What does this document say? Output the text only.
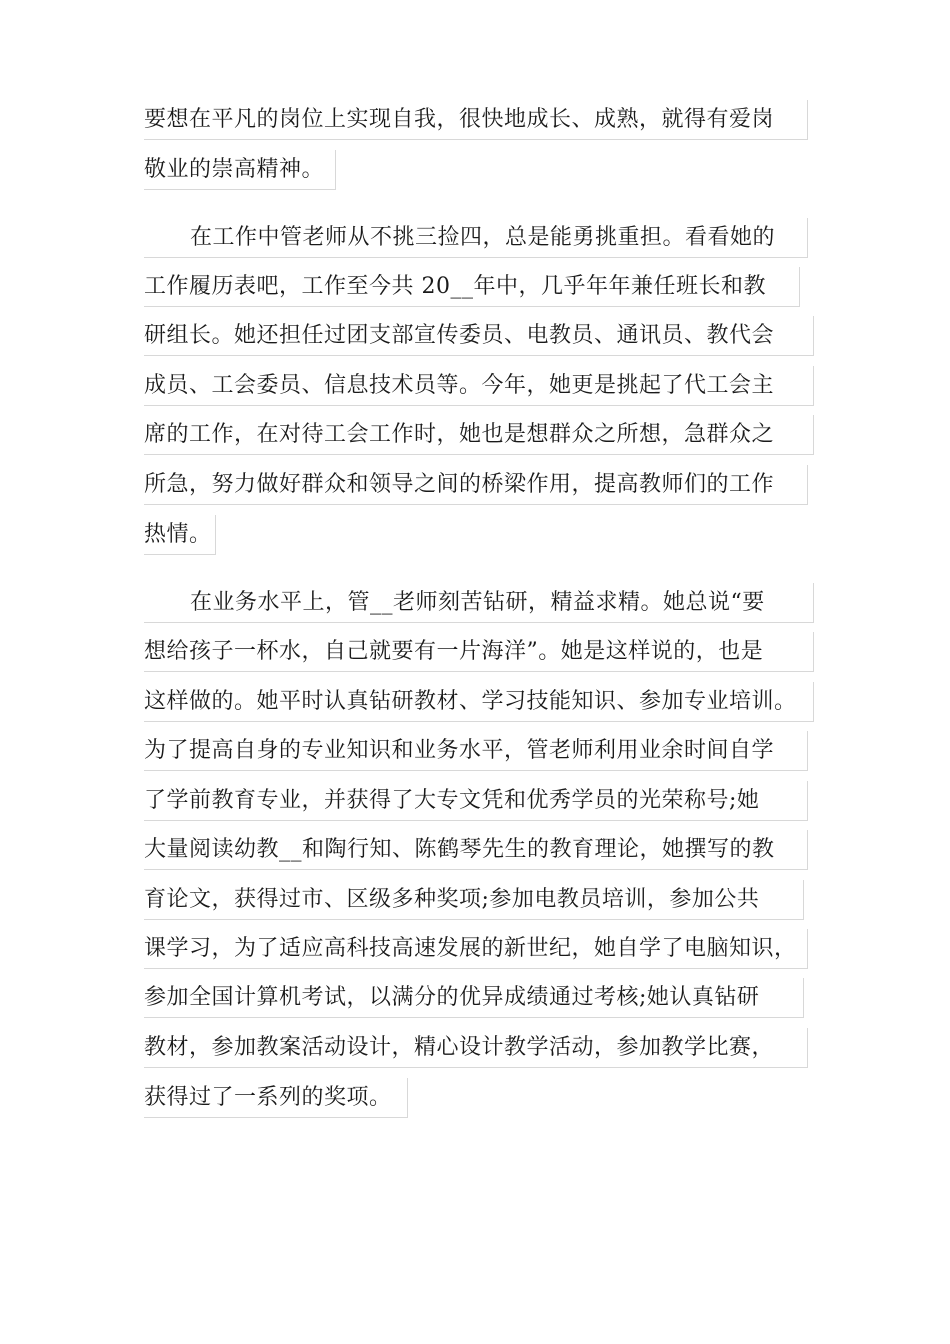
要想在平凡的岗位上实现自我，很快地成长、成熟，就得有爱岗
敬业的崇高精神。
在工作中管老师从不挑三捡四，总是能勇挑重担。看看她的
工作履历表吧，工作至今共 20__年中，几乎年年兼任班长和教
研组长。她还担任过团支部宣传委员、电教员、通讯员、教代会
成员、工会委员、信息技术员等。今年，她更是挑起了代工会主
席的工作，在对待工会工作时，她也是想群众之所想，急群众之
所急，努力做好群众和领导之间的桥梁作用，提高教师们的工作
热情。
在业务水平上，管__老师刻苦钻研，精益求精。她总说“要
想给孩子一杯水，自己就要有一片海洋”。她是这样说的，也是
这样做的。她平时认真钻研教材、学习技能知识、参加专业培训。
为了提高自身的专业知识和业务水平，管老师利用业余时间自学
了学前教育专业，并获得了大专文凭和优秀学员的光荣称号;她
大量阅读幼教__和陶行知、陈鹤琴先生的教育理论，她撰写的教
育论文，获得过市、区级多种奖项;参加电教员培训，参加公共
课学习，为了适应高科技高速发展的新世纪，她自学了电脑知识，
参加全国计算机考试，以满分的优异成绩通过考核;她认真钻研
教材，参加教案活动设计，精心设计教学活动，参加教学比赛，
获得过了一系列的奖项。
